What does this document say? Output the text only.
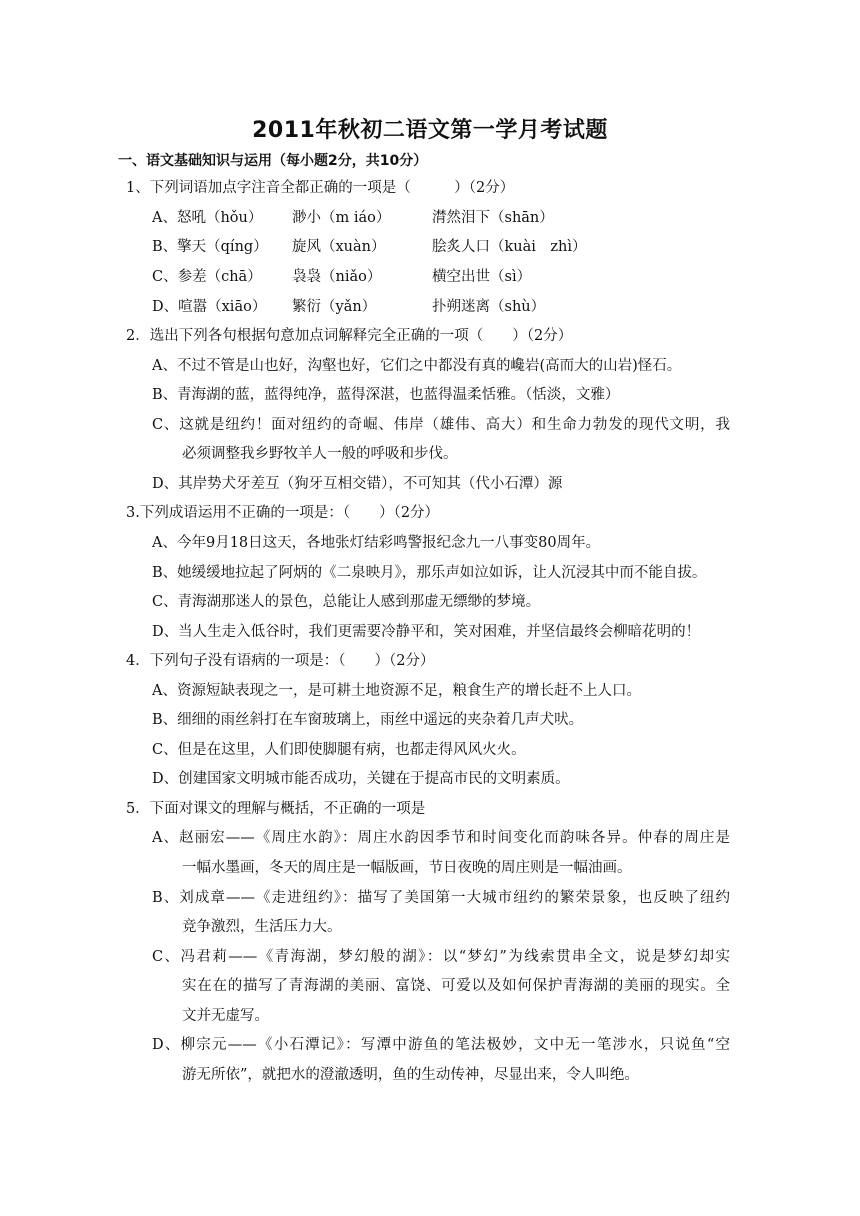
2011年秋初二语文第一学月考试题
一、语文基础知识与运用（每小题2分，共10分）
1、下列词语加点字注音全都正确的一项是（　　　）（2分）
A、怒吼（hǒu） 渺小（m iáo）	潸然泪下（shān）
B、擎天（qíng） 旋风（xuàn）	脍炙人口（kuài　zhì）
C、参差（chā） 袅袅（niǎo）	横空出世（sì）
D、喧嚣（xiāo） 繁衍（yǎn）	扑朔迷离（shù）
2．选出下列各句根据句意加点词解释完全正确的一项（　　）（2分）
A、不过不管是山也好，沟壑也好，它们之中都没有真的巉岩(高而大的山岩)怪石。
B、青海湖的蓝，蓝得纯净，蓝得深湛，也蓝得温柔恬雅。（恬淡，文雅）
C、这就是纽约！面对纽约的奇崛、伟岸（雄伟、高大）和生命力勃发的现代文明，我
必须调整我乡野牧羊人一般的呼吸和步伐。
D、其岸势犬牙差互（狗牙互相交错），不可知其（代小石潭）源
3.下列成语运用不正确的一项是：（　　）（2分）
A、今年9月18日这天，各地张灯结彩鸣警报纪念九一八事变80周年。
B、她缓缓地拉起了阿炳的《二泉映月》，那乐声如泣如诉，让人沉浸其中而不能自拔。
C、青海湖那迷人的景色，总能让人感到那虚无缥缈的梦境。
D、当人生走入低谷时，我们更需要冷静平和，笑对困难，并坚信最终会柳暗花明的！
4．下列句子没有语病的一项是：（　　）（2分）
A、资源短缺表现之一，是可耕土地资源不足，粮食生产的增长赶不上人口。
B、细细的雨丝斜打在车窗玻璃上，雨丝中遥远的夹杂着几声犬吠。
C、但是在这里，人们即使脚腿有病，也都走得风风火火。
D、创建国家文明城市能否成功，关键在于提高市民的文明素质。
5．下面对课文的理解与概括，不正确的一项是
A、赵丽宏——《周庄水韵》：周庄水韵因季节和时间变化而韵味各异。仲春的周庄是
一幅水墨画，冬天的周庄是一幅版画，节日夜晚的周庄则是一幅油画。
B、刘成章——《走进纽约》：描写了美国第一大城市纽约的繁荣景象，也反映了纽约
竞争激烈，生活压力大。
C、冯君莉——《青海湖，梦幻般的湖》：以“梦幻”为线索贯串全文，说是梦幻却实
实在在的描写了青海湖的美丽、富饶、可爱以及如何保护青海湖的美丽的现实。全
文并无虚写。
D、柳宗元——《小石潭记》：写潭中游鱼的笔法极妙，文中无一笔涉水，只说鱼“空
游无所依”，就把水的澄澈透明，鱼的生动传神，尽显出来，令人叫绝。
